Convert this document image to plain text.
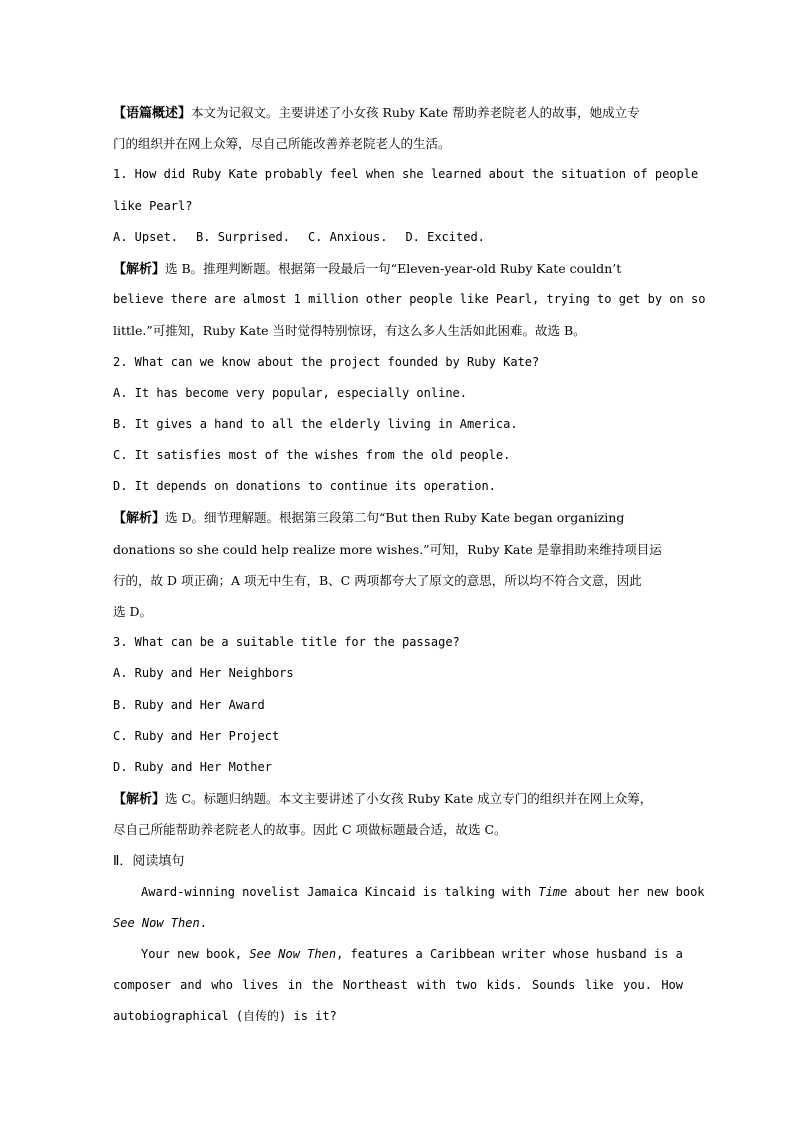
【语篇概述】本文为记叙文。主要讲述了小女孩 Ruby Kate 帮助养老院老人的故事，她成立专
门的组织并在网上众筹，尽自己所能改善养老院老人的生活。
1. How did Ruby Kate probably feel when she learned about the situation of people
like Pearl?
A. Upset. B. Surprised. C. Anxious. D. Excited.
【解析】选 B。推理判断题。根据第一段最后一句“Eleven-year-old Ruby Kate couldn’t
believe there are almost 1 million other people like Pearl, trying to get by on so
little.”可推知，Ruby Kate 当时觉得特别惊讶，有这么多人生活如此困难。故选 B。
2. What can we know about the project founded by Ruby Kate?
A. It has become very popular, especially online.
B. It gives a hand to all the elderly living in America.
C. It satisfies most of the wishes from the old people.
D. It depends on donations to continue its operation.
【解析】选 D。细节理解题。根据第三段第二句“But then Ruby Kate began organizing
donations so she could help realize more wishes.”可知，Ruby Kate 是靠捐助来维持项目运
行的，故 D 项正确；A 项无中生有，B、C 两项都夸大了原文的意思，所以均不符合文意，因此
选 D。
3. What can be a suitable title for the passage?
A. Ruby and Her Neighbors
B. Ruby and Her Award
C. Ruby and Her Project
D. Ruby and Her Mother
【解析】选 C。标题归纳题。本文主要讲述了小女孩 Ruby Kate 成立专门的组织并在网上众筹，
尽自己所能帮助养老院老人的故事。因此 C 项做标题最合适，故选 C。
Ⅱ．阅读填句
Award-winning novelist Jamaica Kincaid is talking with Time about her new book
See Now Then.
Your new book, See Now Then, features a Caribbean writer whose husband is a
composer and who lives in the Northeast with two kids. Sounds like you. How
autobiographical (自传的) is it?
